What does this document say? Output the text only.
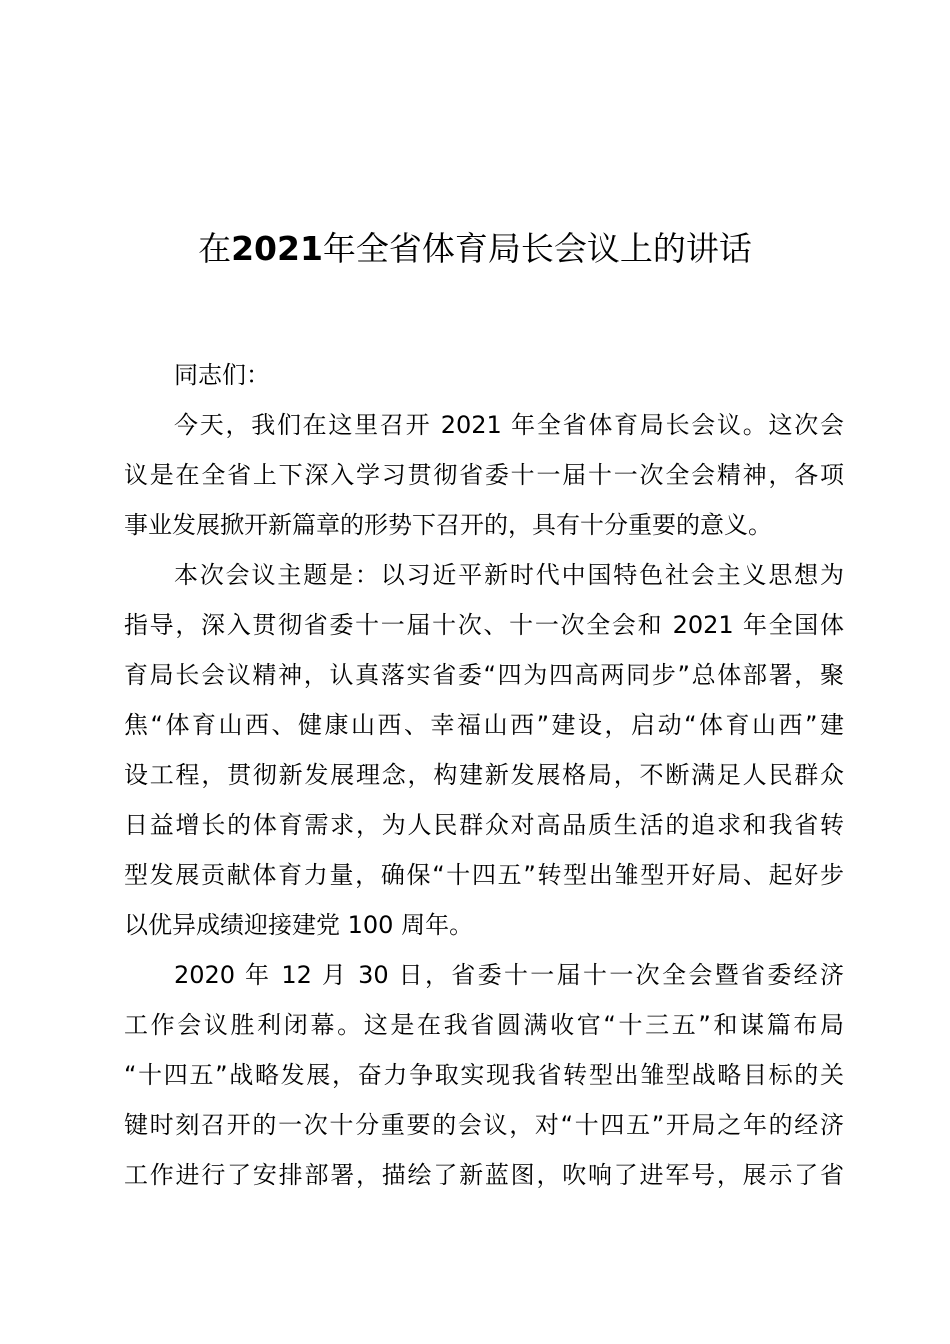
在2021年全省体育局长会议上的讲话
同志们：
今天，我们在这里召开 2021 年全省体育局长会议。这次会
议是在全省上下深入学习贯彻省委十一届十一次全会精神，各项
事业发展掀开新篇章的形势下召开的，具有十分重要的意义。
本次会议主题是：以习近平新时代中国特色社会主义思想为
指导，深入贯彻省委十一届十次、十一次全会和 2021 年全国体
育局长会议精神，认真落实省委“四为四高两同步”总体部署，聚
焦“体育山西、健康山西、幸福山西”建设，启动“体育山西”建
设工程，贯彻新发展理念，构建新发展格局，不断满足人民群众
日益增长的体育需求，为人民群众对高品质生活的追求和我省转
型发展贡献体育力量，确保“十四五”转型出雏型开好局、起好步
以优异成绩迎接建党 100 周年。
2020 年 12 月 30 日，省委十一届十一次全会暨省委经济
工作会议胜利闭幕。这是在我省圆满收官“十三五”和谋篇布局
“十四五”战略发展，奋力争取实现我省转型出雏型战略目标的关
键时刻召开的一次十分重要的会议，对“十四五”开局之年的经济
工作进行了安排部署，描绘了新蓝图，吹响了进军号，展示了省
